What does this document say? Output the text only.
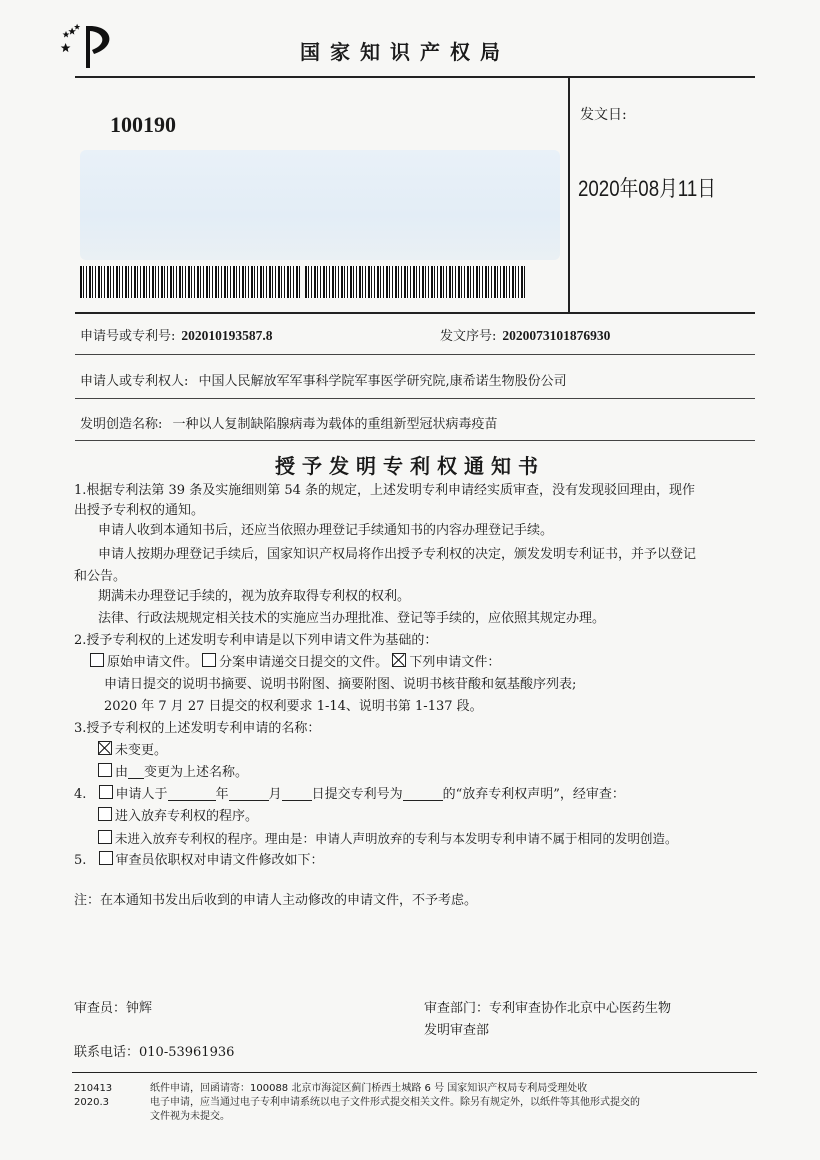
国家知识产权局
100190	发文日:
2020年08月11日
申请号或专利号: 202010193587.8	发文序号: 2020073101876930
申请人或专利权人: 中国人民解放军军事科学院军事医学研究院,康希诺生物股份公司
发明创造名称: 一种以人复制缺陷腺病毒为载体的重组新型冠状病毒疫苗
授予发明专利权通知书
1.根据专利法第 39 条及实施细则第 54 条的规定，上述发明专利申请经实质审查，没有发现驳回理由，现作
出授予专利权的通知。
申请人收到本通知书后，还应当依照办理登记手续通知书的内容办理登记手续。
申请人按期办理登记手续后，国家知识产权局将作出授予专利权的决定，颁发发明专利证书，并予以登记
和公告。
期满未办理登记手续的，视为放弃取得专利权的权利。
法律、行政法规规定相关技术的实施应当办理批准、登记等手续的，应依照其规定办理。
2.授予专利权的上述发明专利申请是以下列申请文件为基础的：
原始申请文件。 分案申请递交日提交的文件。 下列申请文件：
申请日提交的说明书摘要、说明书附图、摘要附图、说明书核苷酸和氨基酸序列表;
2020 年 7 月 27 日提交的权利要求 1-14、说明书第 1-137 段。
3.授予专利权的上述发明专利申请的名称：
未变更。
由 变更为上述名称。
4. 申请人于	年	月 日提交专利号为	的“放弃专利权声明”，经审查：
进入放弃专利权的程序。
未进入放弃专利权的程序。理由是：申请人声明放弃的专利与本发明专利申请不属于相同的发明创造。
5. 审查员依职权对申请文件修改如下：
注：在本通知书发出后收到的申请人主动修改的申请文件，不予考虑。
审查员：钟辉	审查部门：专利审查协作北京中心医药生物
发明审查部
联系电话：010-53961936
210413
2020.3
纸件申请，回函请寄：100088 北京市海淀区蓟门桥西土城路 6 号 国家知识产权局专利局受理处收
电子申请，应当通过电子专利申请系统以电子文件形式提交相关文件。除另有规定外，以纸件等其他形式提交的
文件视为未提交。
